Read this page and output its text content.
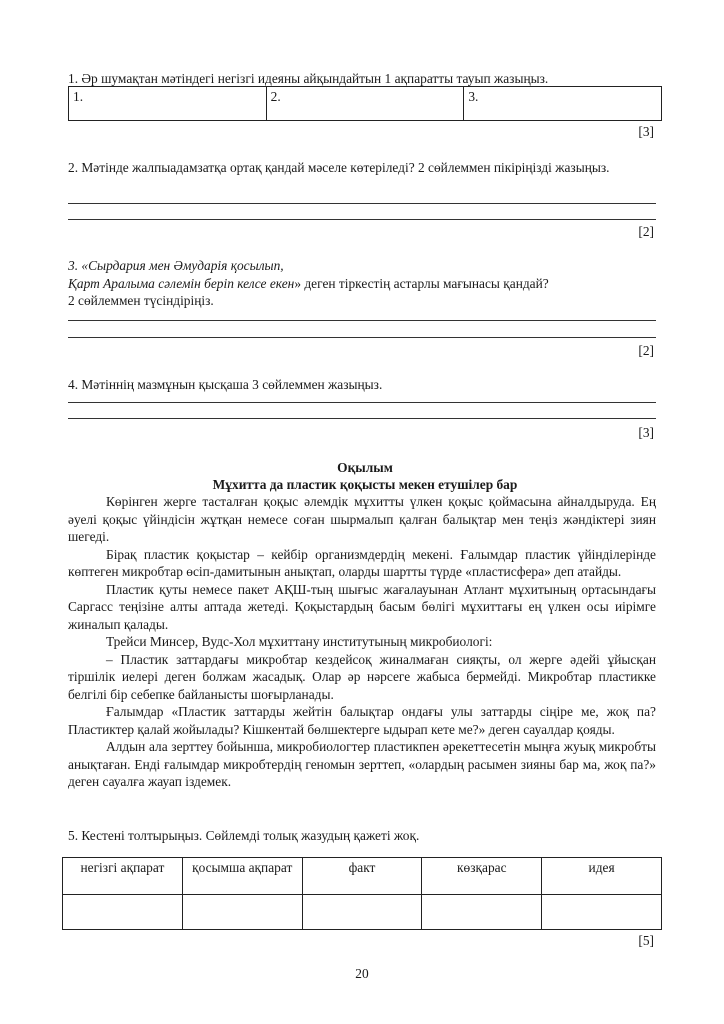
1. Әр шумақтан мәтіндегі негізгі идеяны айқындайтын 1 ақпаратты тауып жазыңыз.
1.	2.	3.
[3]
2. Мәтінде жалпыадамзатқа ортақ қандай мәселе көтеріледі? 2 сөйлеммен пікіріңізді жазыңыз.
[2]
3. «Сырдария мен Әмударія қосылып,
Қарт Аралыма сәлемін беріп келсе екен» деген тіркестің астарлы мағынасы қандай?
2 сөйлеммен түсіндіріңіз.
[2]
4. Мәтіннің мазмұнын қысқаша 3 сөйлеммен жазыңыз.
[3]
Оқылым
Мұхитта да пластик қоқысты мекен етушілер бар

Көрінген жерге тасталған қоқыс әлемдік мұхитты үлкен қоқыс қоймасына айналдыруда. Ең әуелі қоқыс үйіндісін жұтқан немесе соған шырмалып қалған балықтар мен теңіз жәндіктері зиян шегеді.

Бірақ пластик қоқыстар – кейбір организмдердің мекені. Ғалымдар пластик үйінділерінде көптеген микробтар өсіп-дамитынын анықтап, оларды шартты түрде «пластисфера» деп атайды.

Пластик қуты немесе пакет АҚШ-тың шығыс жағалауынан Атлант мұхитының ортасындағы Саргасс теңізіне алты аптада жетеді. Қоқыстардың басым бөлігі мұхиттағы ең үлкен осы иірімге жиналып қалады.

Трейси Минсер, Вудс-Хол мұхиттану институтының микробиологі:

– Пластик заттардағы микробтар кездейсоқ жиналмаған сияқты, ол жерге әдейі ұйысқан тіршілік иелері деген болжам жасадық. Олар әр нәрсеге жабыса бермейді. Микробтар пластикке белгілі бір себепке байланысты шоғырланады.

Ғалымдар «Пластик заттарды жейтін балықтар ондағы улы заттарды сіңіре ме, жоқ па? Пластиктер қалай жойылады? Кішкентай бөлшектерге ыдырап кете ме?» деген сауалдар қояды.

Алдын ала зерттеу бойынша, микробиологтер пластикпен әрекеттесетін мыңға жуық микробты анықтаған. Енді ғалымдар микробтердің геномын зерттеп, «олардың расымен зияны бар ма, жоқ па?» деген сауалға жауап іздемек.

5. Кестені толтырыңыз. Сөйлемді толық жазудың қажеті жоқ.
негізгі ақпарат	қосымша ақпарат	факт	көзқарас	идея

[5]
20
